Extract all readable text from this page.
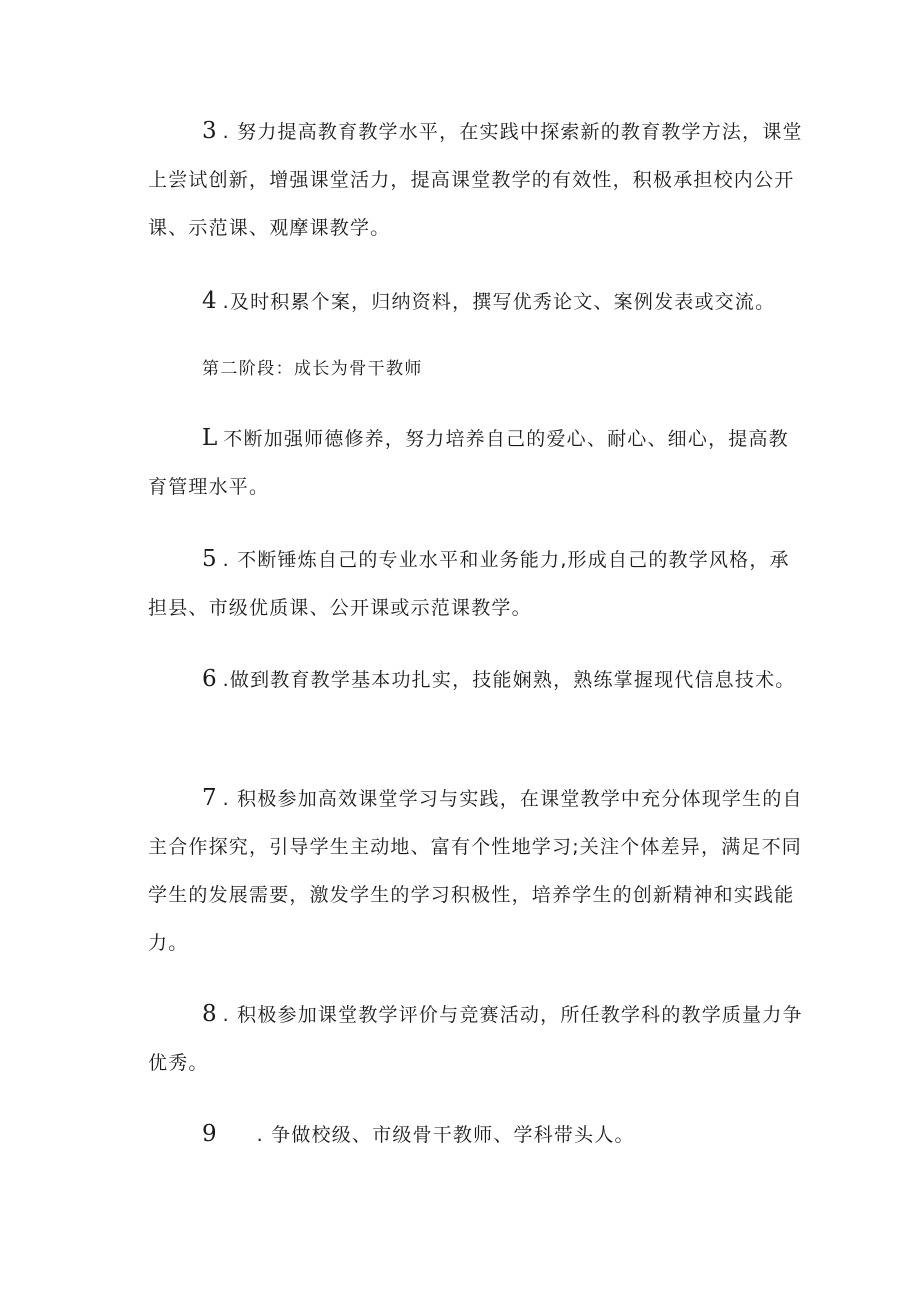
3 . 努力提高教育教学水平，在实践中探索新的教育教学方法，课堂上尝试创新，增强课堂活力，提高课堂教学的有效性，积极承担校内公开课、示范课、观摩课教学。

4 .及时积累个案，归纳资料，撰写优秀论文、案例发表或交流。

第二阶段：成长为骨干教师

L 不断加强师德修养，努力培养自己的爱心、耐心、细心，提高教育管理水平。

5 . 不断锤炼自己的专业水平和业务能力,形成自己的教学风格，承担县、市级优质课、公开课或示范课教学。

6 .做到教育教学基本功扎实，技能娴熟，熟练掌握现代信息技术。

7 . 积极参加高效课堂学习与实践，在课堂教学中充分体现学生的自主合作探究，引导学生主动地、富有个性地学习;关注个体差异，满足不同学生的发展需要，激发学生的学习积极性，培养学生的创新精神和实践能力。

8 . 积极参加课堂教学评价与竞赛活动，所任教学科的教学质量力争优秀。

9 . 争做校级、市级骨干教师、学科带头人。
